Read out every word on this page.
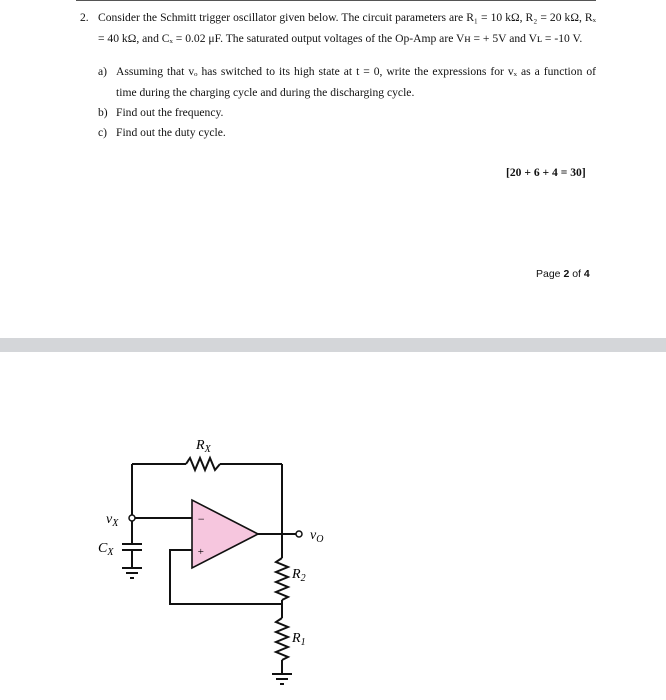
2. Consider the Schmitt trigger oscillator given below. The circuit parameters are R₁ = 10 kΩ, R₂ = 20 kΩ, Rₓ = 40 kΩ, and Cₓ = 0.02 μF. The saturated output voltages of the Op-Amp are Vʜ = + 5V and Vʟ = -10 V.
a) Assuming that vₒ has switched to its high state at t = 0, write the expressions for vₓ as a function of time during the charging cycle and during the discharging cycle.
b) Find out the frequency.
c) Find out the duty cycle.
[20 + 6 + 4 = 30]
Page 2 of 4
$R_X$
$v_X$
$C_X$
$v_O$
$R_2$
$R_1$
−
+
